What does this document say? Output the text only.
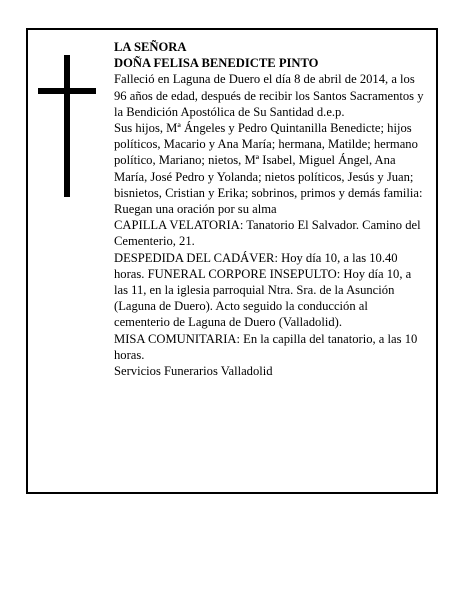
LA SEÑORA

DOÑA FELISA BENEDICTE PINTO

Falleció en Laguna de Duero el día 8 de abril de 2014, a los 96 años de edad, después de recibir los Santos Sacramentos y la Bendición Apostólica de Su Santidad d.e.p.

Sus hijos, Mª Ángeles y Pedro Quintanilla Benedicte; hijos políticos, Macario y Ana María; hermana, Matilde; hermano político, Mariano; nietos, Mª Isabel, Miguel Ángel, Ana María, José Pedro y Yolanda; nietos políticos, Jesús y Juan; bisnietos, Cristian y Erika; sobrinos, primos y demás familia:

Ruegan una oración por su alma

CAPILLA VELATORIA: Tanatorio El Salvador. Camino del Cementerio, 21.

DESPEDIDA DEL CADÁVER: Hoy día 10, a las 10.40 horas. FUNERAL CORPORE INSEPULTO: Hoy día 10, a las 11, en la iglesia parroquial Ntra. Sra. de la Asunción (Laguna de Duero). Acto seguido la conducción al cementerio de Laguna de Duero (Valladolid).

MISA COMUNITARIA: En la capilla del tanatorio, a las 10 horas.

Servicios Funerarios Valladolid
